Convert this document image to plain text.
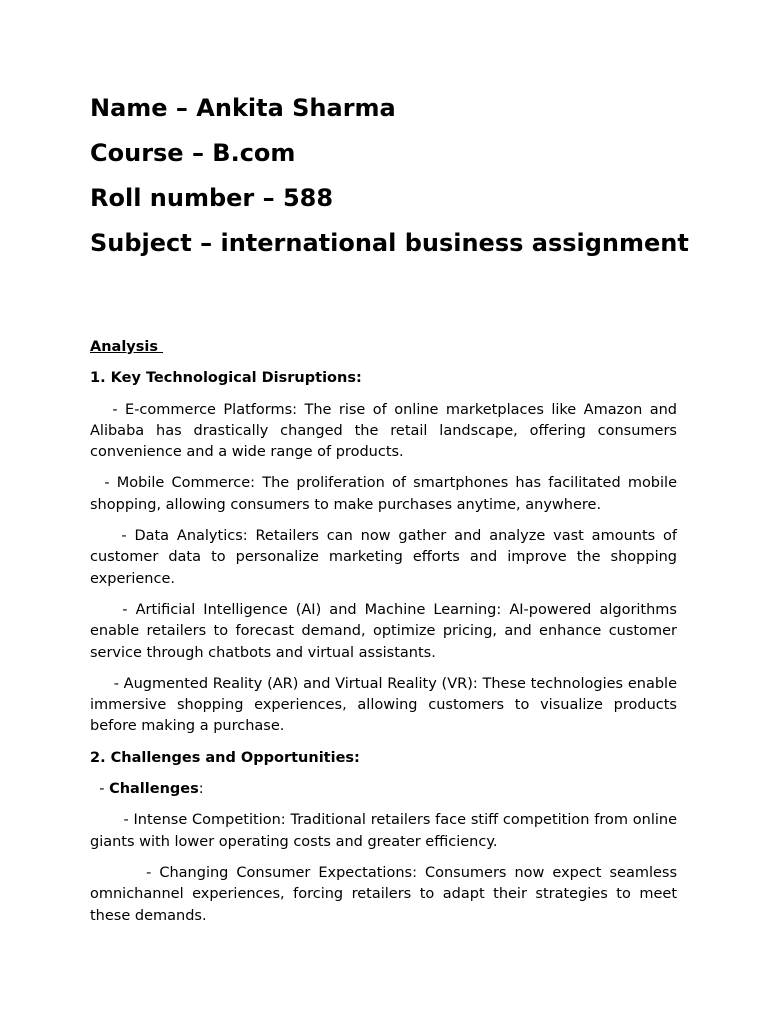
Name – Ankita Sharma
Course – B.com
Roll number – 588
Subject – international business assignment
Analysis
1. Key Technological Disruptions:
- E-commerce Platforms: The rise of online marketplaces like Amazon and Alibaba has drastically changed the retail landscape, offering consumers convenience and a wide range of products.
- Mobile Commerce: The proliferation of smartphones has facilitated mobile shopping, allowing consumers to make purchases anytime, anywhere.
- Data Analytics: Retailers can now gather and analyze vast amounts of customer data to personalize marketing efforts and improve the shopping experience.
- Artificial Intelligence (AI) and Machine Learning: AI-powered algorithms enable retailers to forecast demand, optimize pricing, and enhance customer service through chatbots and virtual assistants.
- Augmented Reality (AR) and Virtual Reality (VR): These technologies enable immersive shopping experiences, allowing customers to visualize products before making a purchase.
2. Challenges and Opportunities:
- Challenges:
- Intense Competition: Traditional retailers face stiff competition from online giants with lower operating costs and greater efficiency.
- Changing Consumer Expectations: Consumers now expect seamless omnichannel experiences, forcing retailers to adapt their strategies to meet these demands.
